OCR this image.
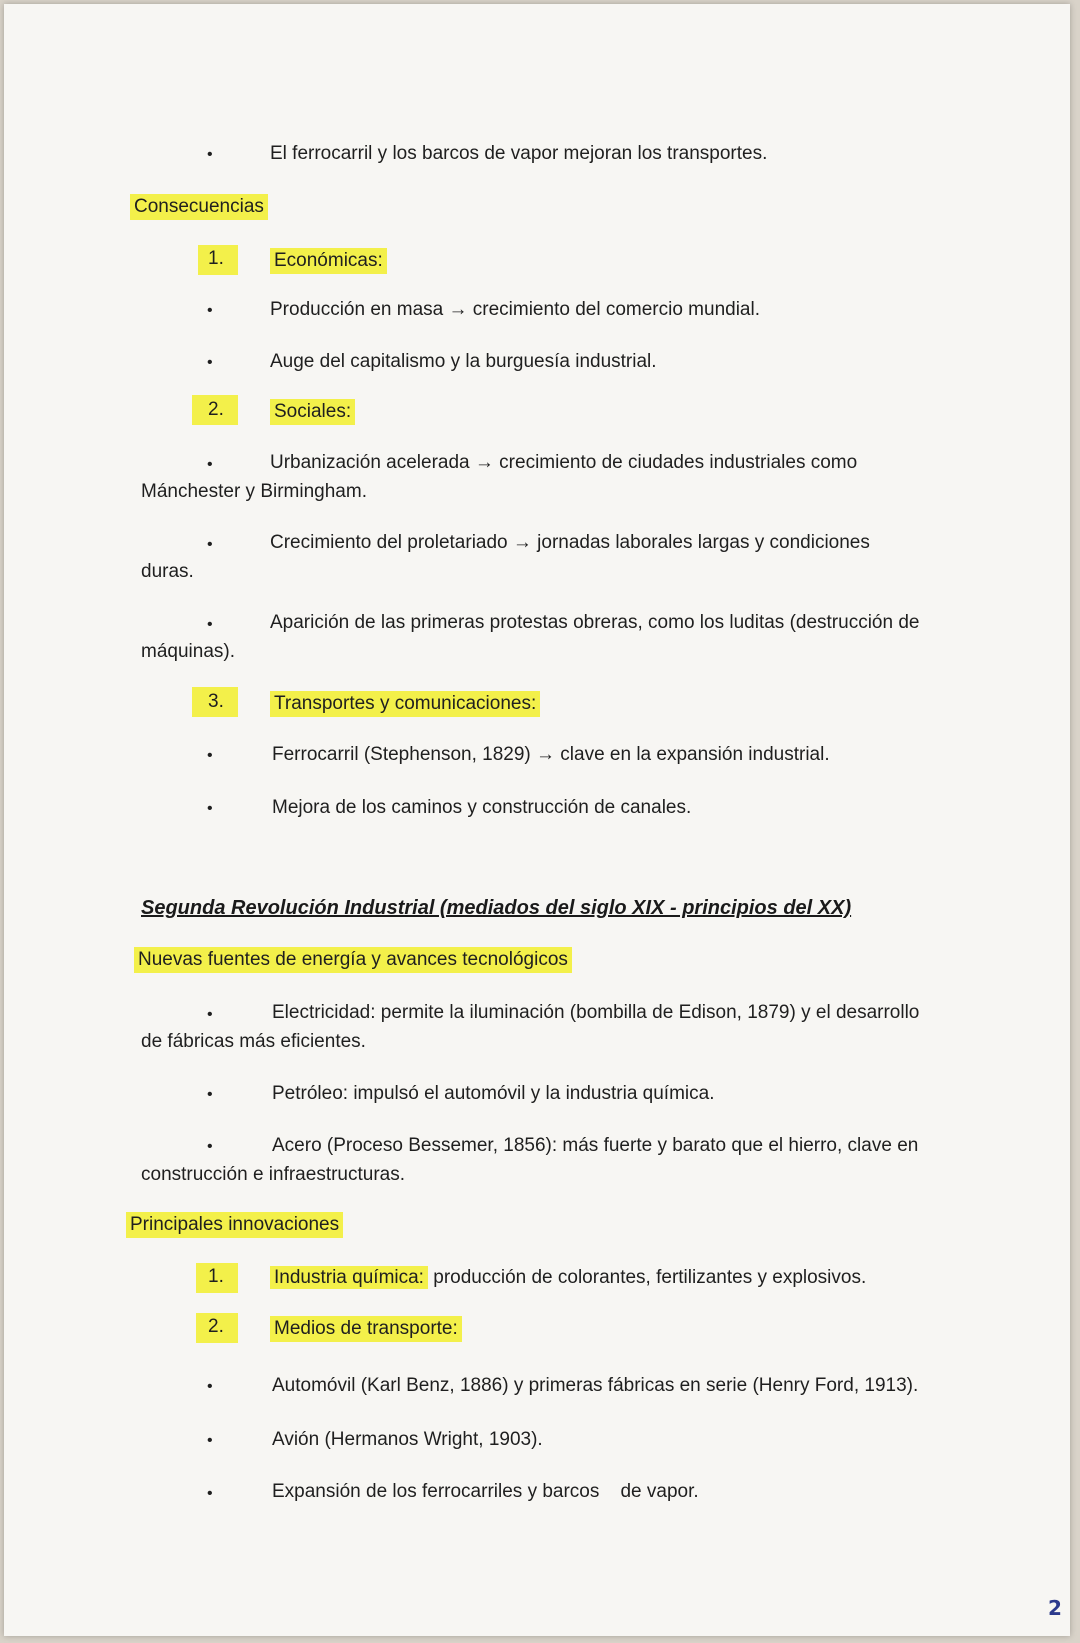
•	El ferrocarril y los barcos de vapor mejoran los transportes.
Consecuencias
1.	Económicas:
•	Producción en masa → crecimiento del comercio mundial.
•	Auge del capitalismo y la burguesía industrial.
2.	Sociales:
•	Urbanización acelerada → crecimiento de ciudades industriales como
Mánchester y Birmingham.
•	Crecimiento del proletariado → jornadas laborales largas y condiciones
duras.
•	Aparición de las primeras protestas obreras, como los luditas (destrucción de
máquinas).
3.	Transportes y comunicaciones:
•	Ferrocarril (Stephenson, 1829) → clave en la expansión industrial.
•	Mejora de los caminos y construcción de canales.
Segunda Revolución Industrial (mediados del siglo XIX - principios del XX)
Nuevas fuentes de energía y avances tecnológicos
•	Electricidad: permite la iluminación (bombilla de Edison, 1879) y el desarrollo
de fábricas más eficientes.
•	Petróleo: impulsó el automóvil y la industria química.
•	Acero (Proceso Bessemer, 1856): más fuerte y barato que el hierro, clave en
construcción e infraestructuras.
Principales innovaciones
1.	Industria química: producción de colorantes, fertilizantes y explosivos.
2.	Medios de transporte:
•	Automóvil (Karl Benz, 1886) y primeras fábricas en serie (Henry Ford, 1913).
•	Avión (Hermanos Wright, 1903).
•	Expansión de los ferrocarriles y barcos    de vapor.
2
